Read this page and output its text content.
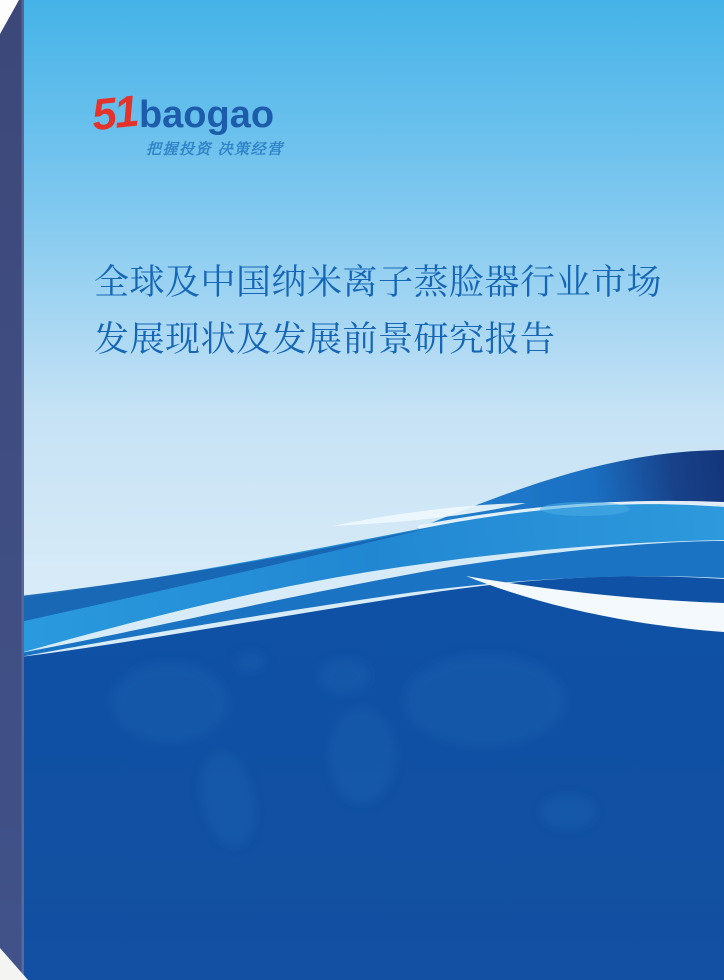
51 baogao
把握投资 决策经营
全球及中国纳米离子蒸脸器行业市场
发展现状及发展前景研究报告
